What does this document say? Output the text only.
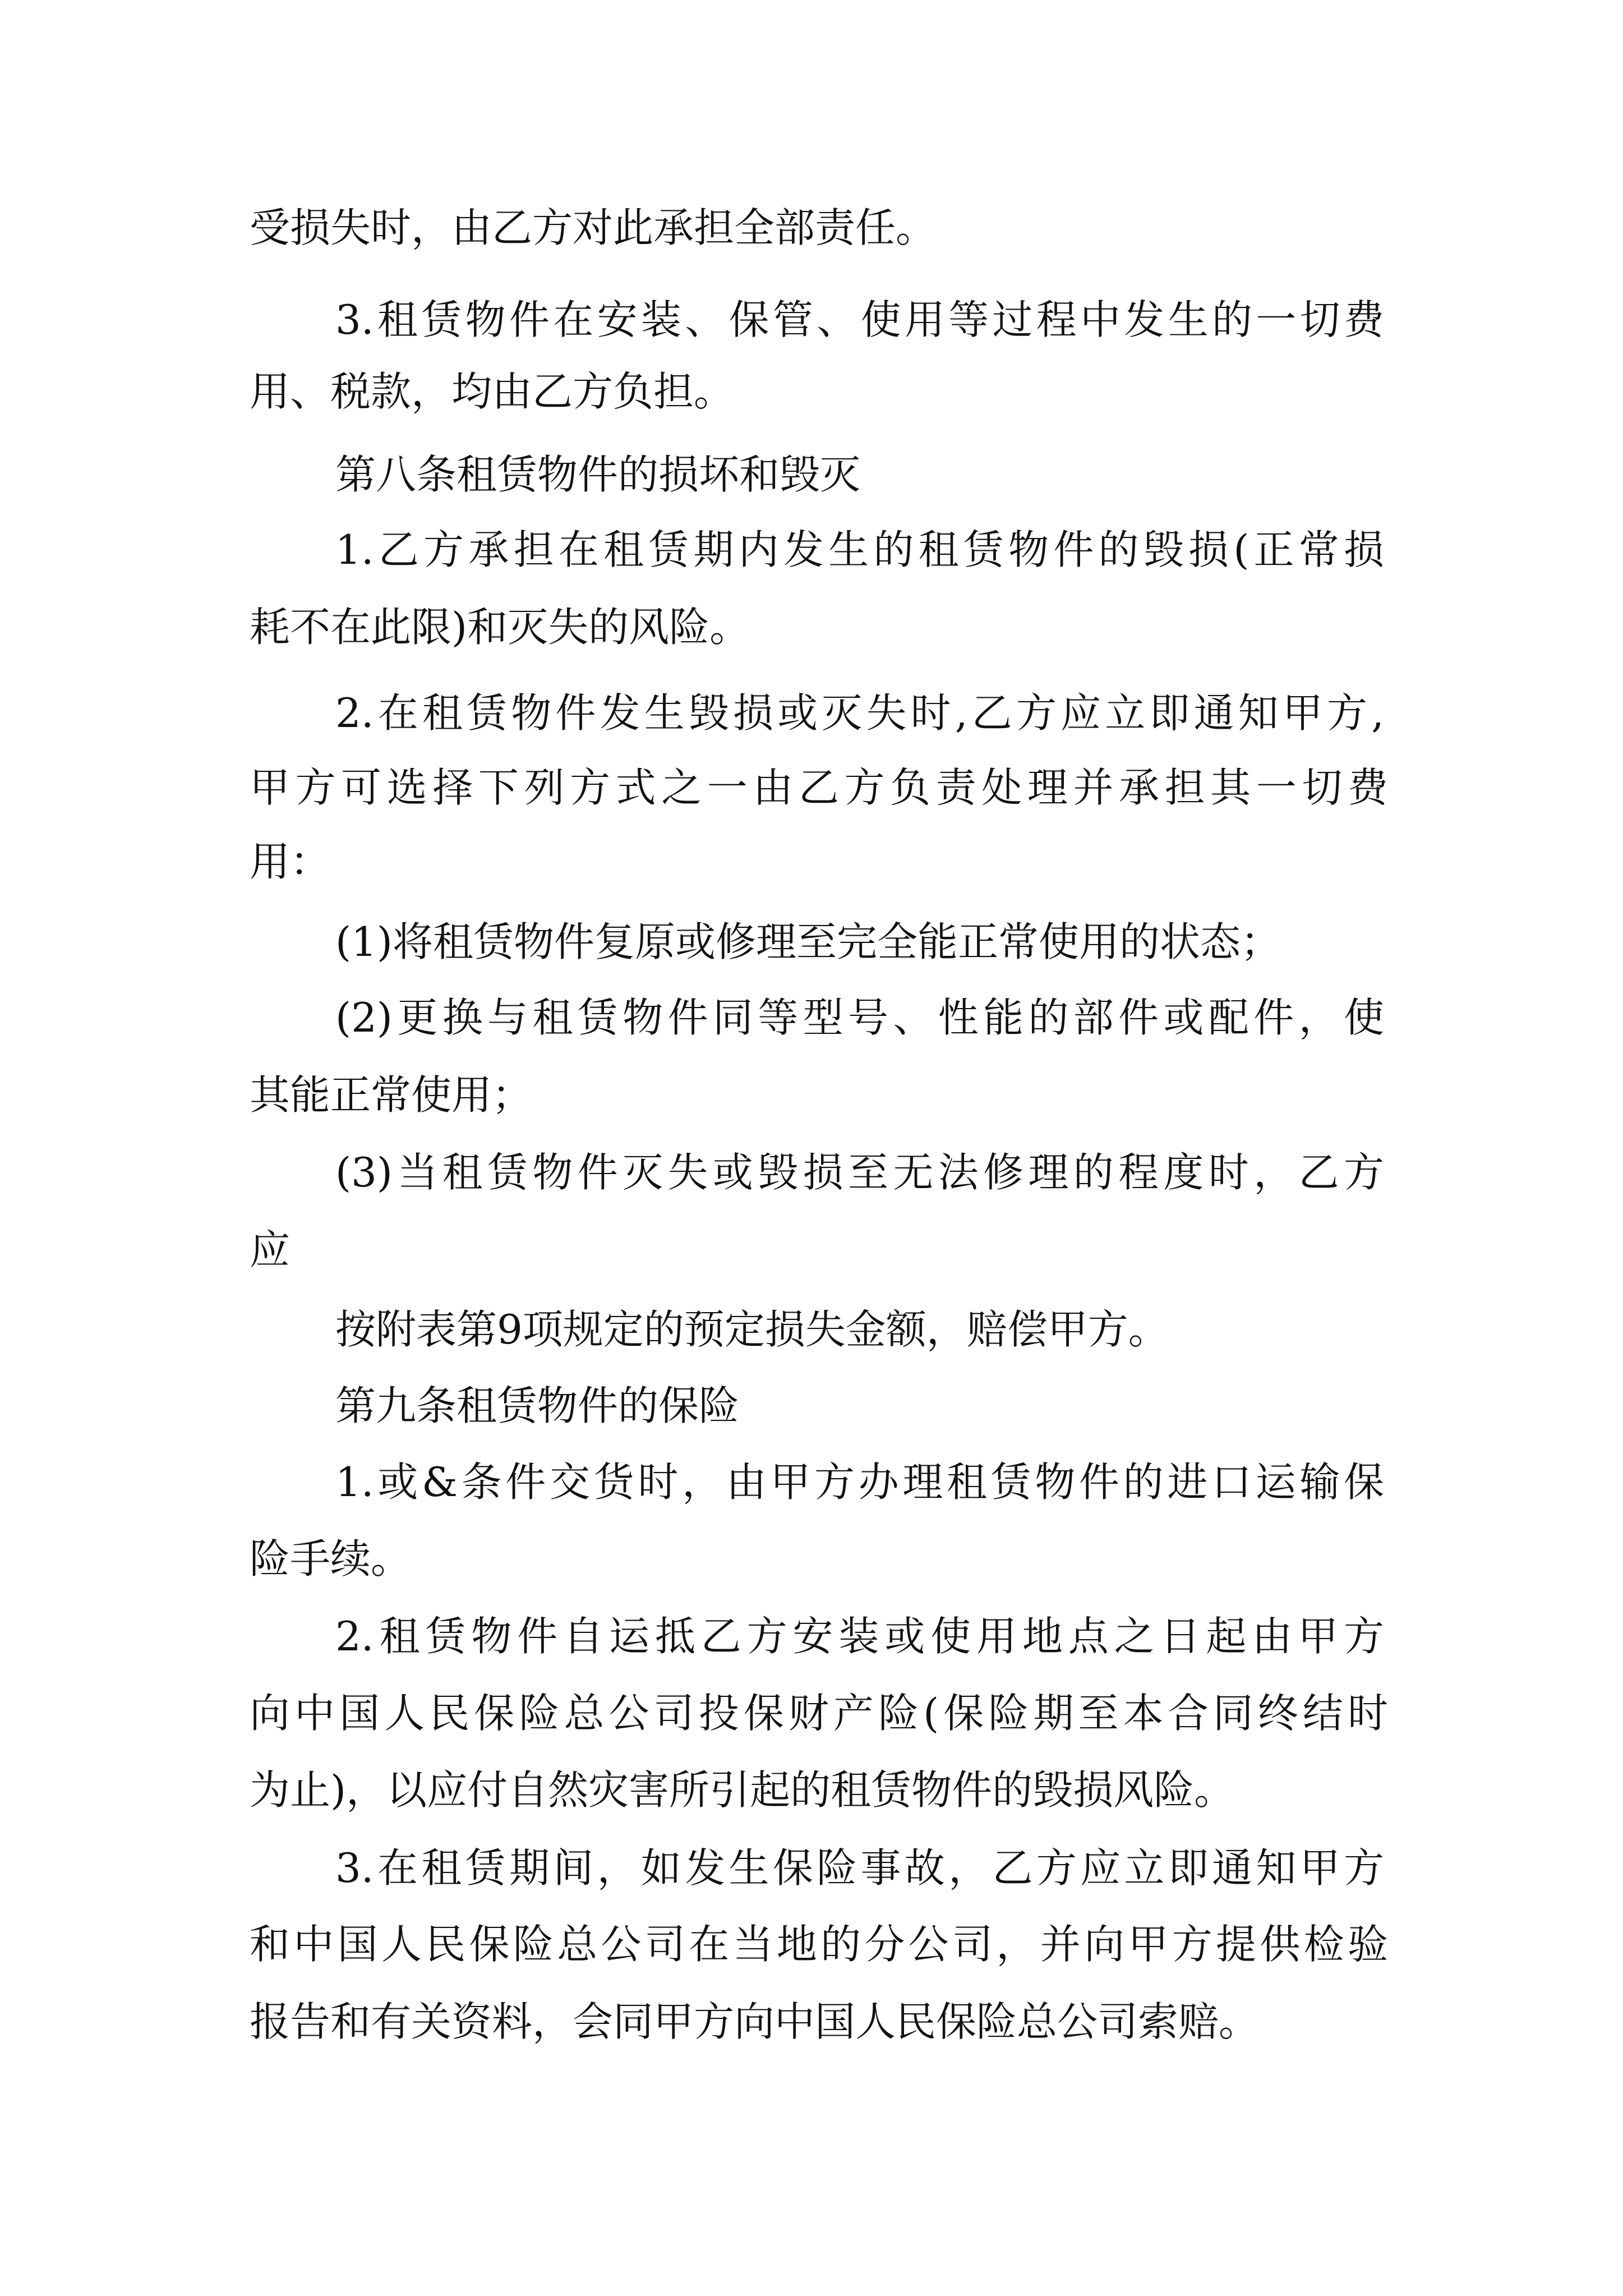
受损失时，由乙方对此承担全部责任。

3.租赁物件在安装、保管、使用等过程中发生的一切费

用、税款，均由乙方负担。

第八条租赁物件的损坏和毁灭

1.乙方承担在租赁期内发生的租赁物件的毁损(正常损

耗不在此限)和灭失的风险。

2.在租赁物件发生毁损或灭失时,乙方应立即通知甲方,

甲方可选择下列方式之一由乙方负责处理并承担其一切费

用：

(1)将租赁物件复原或修理至完全能正常使用的状态；

(2)更换与租赁物件同等型号、性能的部件或配件，使

其能正常使用；

(3)当租赁物件灭失或毁损至无法修理的程度时，乙方

应

按附表第9项规定的预定损失金额，赔偿甲方。

第九条租赁物件的保险

1.或&条件交货时，由甲方办理租赁物件的进口运输保

险手续。

2.租赁物件自运抵乙方安装或使用地点之日起由甲方

向中国人民保险总公司投保财产险(保险期至本合同终结时

为止)，以应付自然灾害所引起的租赁物件的毁损风险。

3.在租赁期间，如发生保险事故，乙方应立即通知甲方

和中国人民保险总公司在当地的分公司，并向甲方提供检验

报告和有关资料，会同甲方向中国人民保险总公司索赔。
